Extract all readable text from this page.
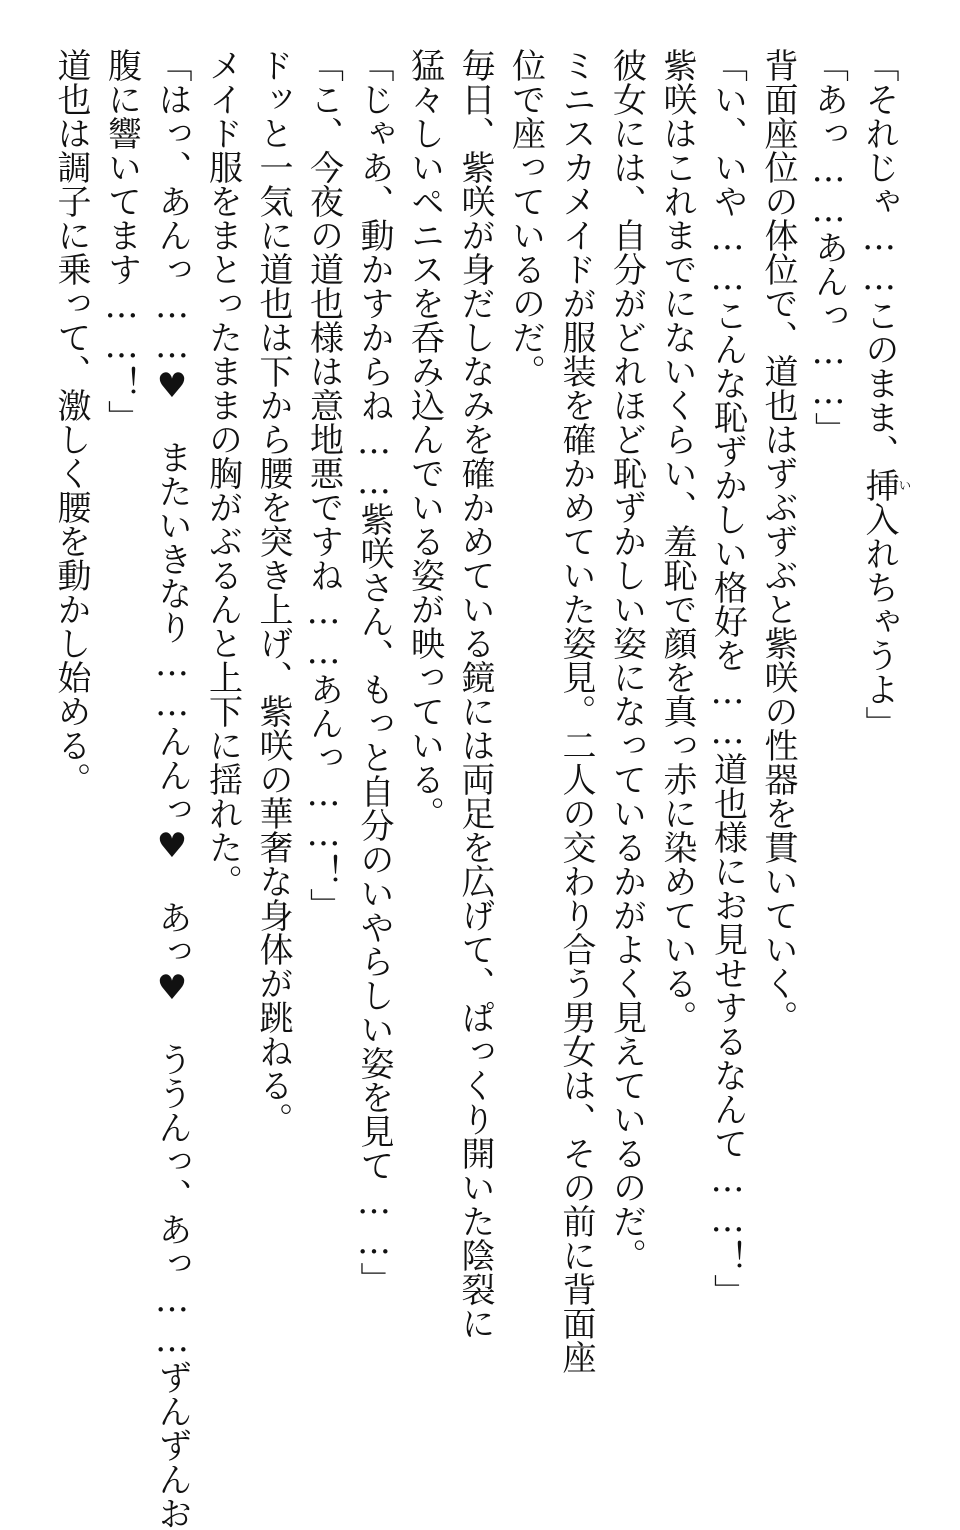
「それじゃ……このまま、挿い入れちゃうよ」
「あっ……あんっ……」
背面座位の体位で、道也はずぶずぶと紫咲の性器を貫いていく。
「い、いや……こんな恥ずかしい格好を……道也様にお見せするなんて……！」
紫咲はこれまでにないくらい、羞恥で顔を真っ赤に染めている。
彼女には、自分がどれほど恥ずかしい姿になっているかがよく見えているのだ。
ミニスカメイドが服装を確かめていた姿見。二人の交わり合う男女は、その前に背面座
位で座っているのだ。
毎日、紫咲が身だしなみを確かめている鏡には両足を広げて、ぱっくり開いた陰裂に
猛々しいペニスを呑み込んでいる姿が映っている。
「じゃあ、動かすからね……紫咲さん、もっと自分のいやらしい姿を見て……」
「こ、今夜の道也様は意地悪ですね……あんっ……！」
ドッと一気に道也は下から腰を突き上げ、紫咲の華奢な身体が跳ねる。
メイド服をまとったままの胸がぶるんと上下に揺れた。
「はっ、あんっ……♥　またいきなり……んんっ♥　あっ♥　ううんっ、あっ……ずんずんお
腹に響いてます……！」
道也は調子に乗って、激しく腰を動かし始める。
